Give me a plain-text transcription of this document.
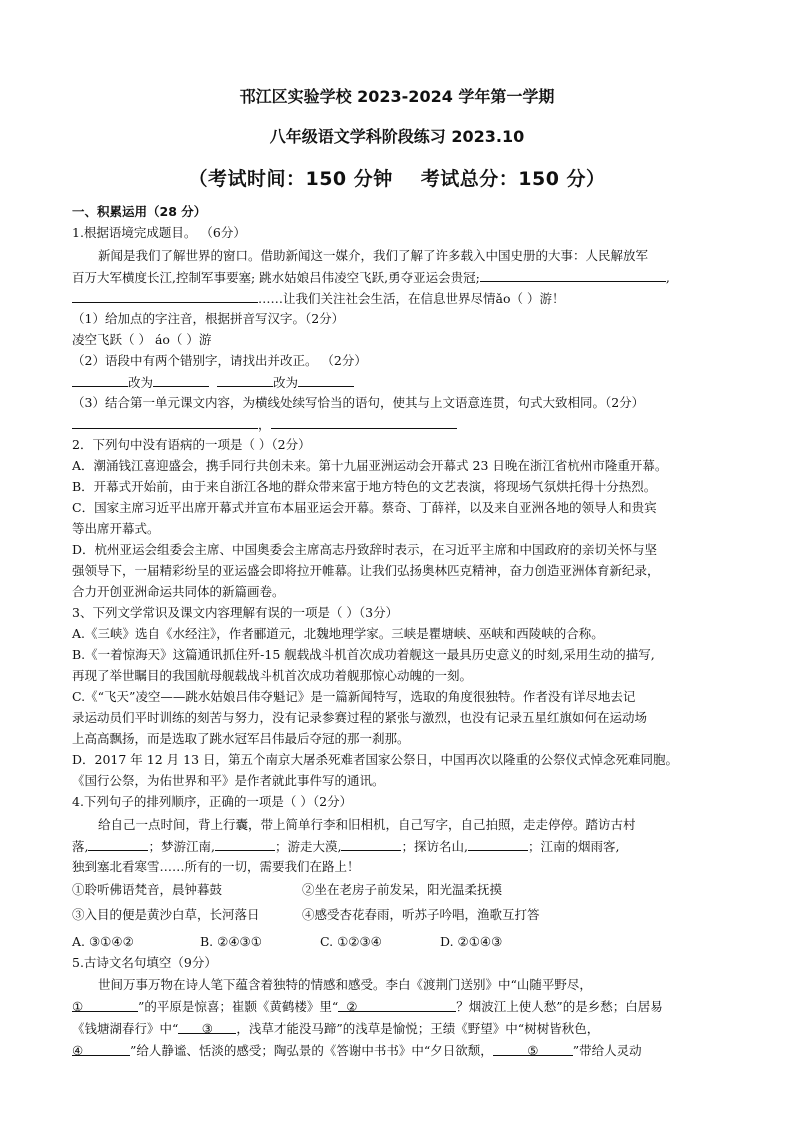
邗江区实验学校 2023-2024 学年第一学期
八年级语文学科阶段练习 2023.10
（考试时间：150 分钟 考试总分：150 分）
一、积累运用（28 分）
1.根据语境完成题目。 （6分）
新闻是我们了解世界的窗口。借助新闻这一媒介，我们了解了许多载入中国史册的大事：人民解放军
百万大军横度长江,控制军事要塞; 跳水姑娘吕伟凌空飞跃,勇夺亚运会贵冠;	,
……让我们关注社会生活，在信息世界尽情ǎo（ ）游！
（1）给加点的字注音，根据拼音写汉字。（2分）
凌空飞跃（ ） áo（ ）游
（2）语段中有两个错别字，请找出并改正。 （2分）
改为	改为
（3）结合第一单元课文内容，为横线处续写恰当的语句，使其与上文语意连贯，句式大致相同。（2分）
，
2．下列句中没有语病的一项是（ ）（2分）
A．潮涌钱江喜迎盛会，携手同行共创未来。第十九届亚洲运动会开幕式 23 日晚在浙江省杭州市隆重开幕。
B．开幕式开始前，由于来自浙江各地的群众带来富于地方特色的文艺表演，将现场气氛烘托得十分热烈。
C．国家主席习近平出席开幕式并宣布本届亚运会开幕。蔡奇、丁薛祥，以及来自亚洲各地的领导人和贵宾
等出席开幕式。
D．杭州亚运会组委会主席、中国奥委会主席高志丹致辞时表示，在习近平主席和中国政府的亲切关怀与坚
强领导下，一届精彩纷呈的亚运盛会即将拉开帷幕。让我们弘扬奥林匹克精神，奋力创造亚洲体育新纪录，
合力开创亚洲命运共同体的新篇画卷。
3、下列文学常识及课文内容理解有误的一项是（ ）（3分）
A.《三峡》选自《水经注》，作者郦道元，北魏地理学家。三峡是瞿塘峡、巫峡和西陵峡的合称。
B.《一着惊海天》这篇通讯抓住歼-15 舰载战斗机首次成功着舰这一最具历史意义的时刻,采用生动的描写,
再现了举世瞩目的我国航母舰载战斗机首次成功着舰那惊心动魄的一刻。
C.《“飞天”凌空——跳水姑娘吕伟夺魁记》是一篇新闻特写，选取的角度很独特。作者没有详尽地去记
录运动员们平时训练的刻苦与努力，没有记录参赛过程的紧张与激烈，也没有记录五星红旗如何在运动场
上高高飘扬，而是选取了跳水冠军吕伟最后夺冠的那一刹那。
D．2017 年 12 月 13 日，第五个南京大屠杀死难者国家公祭日，中国再次以隆重的公祭仪式悼念死难同胞。
《国行公祭，为佑世界和平》是作者就此事件写的通讯。
4.下列句子的排列顺序，正确的一项是（ ）（2分）
给自己一点时间，背上行囊，带上简单行李和旧相机，自己写字，自己拍照，走走停停。踏访古村
落,	；梦游江南,	；游走大漠,	；探访名山,	；江南的烟雨客,
独到塞北看寒雪……所有的一切，需要我们在路上！
①聆听佛语梵音，晨钟暮鼓	②坐在老房子前发呆，阳光温柔抚摸
③入目的便是黄沙白草，长河落日	④感受杏花春雨，听苏子吟唱，渔歌互打答
A. ③①④②	B. ②④③①	C. ①②③④	D. ②①④③
5.古诗文名句填空（9分）
世间万事万物在诗人笔下蕴含着独特的情感和感受。李白《渡荆门送别》中“山随平野尽，
①	”的平原是惊喜；崔颢《黄鹤楼》里“ ②	？烟波江上使人愁”的是乡愁；白居易
《钱塘湖春行》中“ ③ ，浅草才能没马蹄”的浅草是愉悦；王绩《野望》中“树树皆秋色，
④	”给人静谧、恬淡的感受；陶弘景的《答谢中书书》中“夕日欲颓，	⑤	”带给人灵动
